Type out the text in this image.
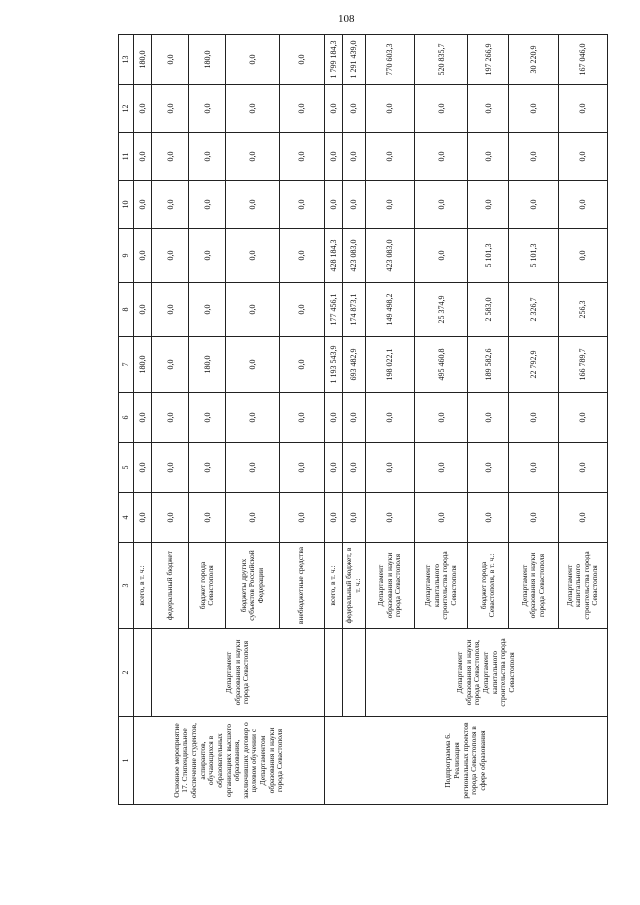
108
1	2	3	4	5	6	7	8	9	10	11	12	13
Основное мероприятие 17. Стипендиальное обеспечение студентов, аспирантов, обучающихся в образовательных организациях высшего образования, заключивших договор о целевом обучении с Департаментом образования и науки города Севастополя		всего, в т. ч.:	0,0	0,0	0,0	180,0	0,0	0,0	0,0	0,0	0,0	180,0
	Департамент образования и науки города Севастополя	федеральный бюджет	0,0	0,0	0,0	0,0	0,0	0,0	0,0	0,0	0,0	0,0
		бюджет города Севастополя	0,0	0,0	0,0	180,0	0,0	0,0	0,0	0,0	0,0	180,0
		бюджеты других субъектов Российской Федерации	0,0	0,0	0,0	0,0	0,0	0,0	0,0	0,0	0,0	0,0
		внебюджетные средства	0,0	0,0	0,0	0,0	0,0	0,0	0,0	0,0	0,0	0,0
Подпрограмма 6. Реализация региональных проектов города Севастополя в сфере образования		всего, в т. ч.:	0,0	0,0	0,0	1 193 543,9	177 456,1	428 184,3	0,0	0,0	0,0	1 799 184,3
		федеральный бюджет, в т. ч.:	0,0	0,0	0,0	693 482,9	174 873,1	423 083,0	0,0	0,0	0,0	1 291 439,0
	Департамент образования и науки города Севастополя, Департамент капитального строительства города Севастополя	Департамент образования и науки города Севастополя	0,0	0,0	0,0	198 022,1	149 498,2	423 083,0	0,0	0,0	0,0	770 603,3
		Департамент капитального строительства города Севастополя	0,0	0,0	0,0	495 460,8	25 374,9	0,0	0,0	0,0	0,0	520 835,7
		бюджет города Севастополя, в т. ч.:	0,0	0,0	0,0	189 582,6	2 583,0	5 101,3	0,0	0,0	0,0	197 266,9
		Департамент образования и науки города Севастополя	0,0	0,0	0,0	22 792,9	2 326,7	5 101,3	0,0	0,0	0,0	30 220,9
		Департамент капитального строительства города Севастополя	0,0	0,0	0,0	166 789,7	256,3	0,0	0,0	0,0	0,0	167 046,0
